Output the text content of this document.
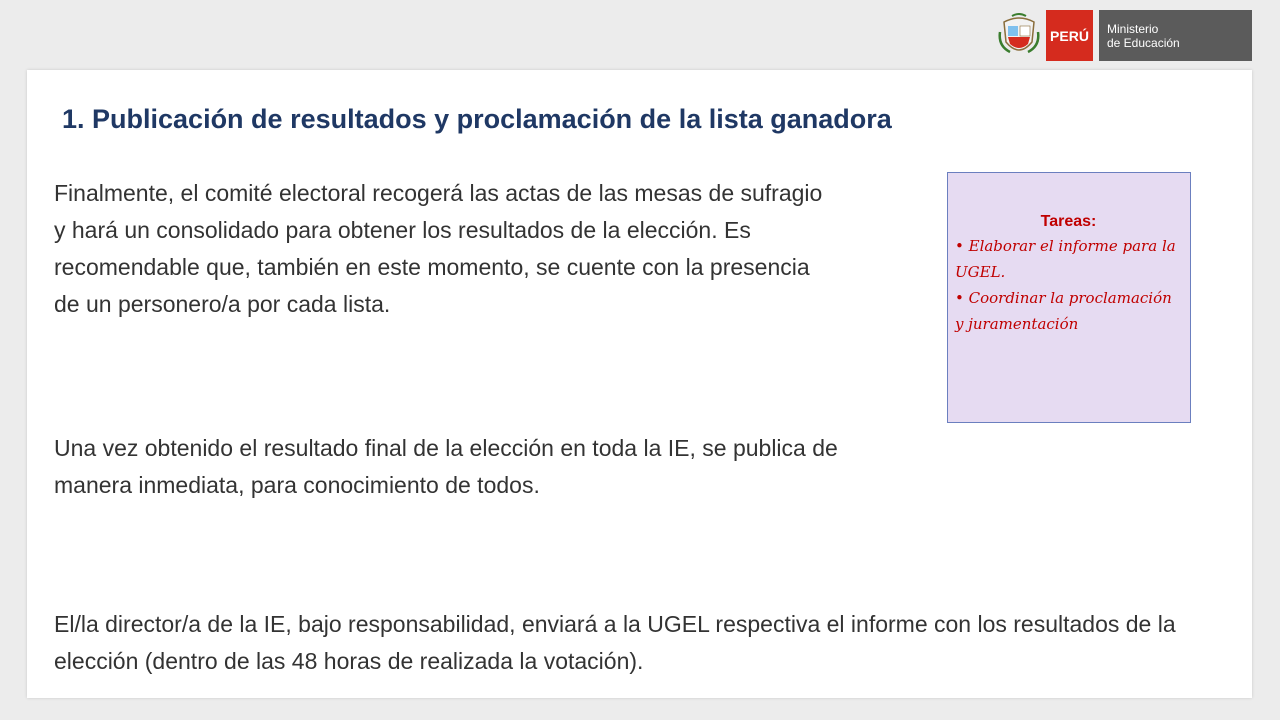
PERÚ	Ministerio
de Educación
1. Publicación de resultados y proclamación de la lista ganadora

Finalmente, el comité electoral recogerá las actas de las mesas de sufragio y hará un consolidado para obtener los resultados de la elección. Es recomendable que, también en este momento, se cuente con la presencia de un personero/a por cada lista.

Una vez obtenido el resultado final de la elección en toda la IE, se publica de manera inmediata, para conocimiento de todos.

El/la director/a de la IE, bajo responsabilidad, enviará a la UGEL respectiva el informe con los resultados de la elección (dentro de las 48 horas de realizada la votación).

Tareas:
• Elaborar el informe para la UGEL.
• Coordinar la proclamación y juramentación
